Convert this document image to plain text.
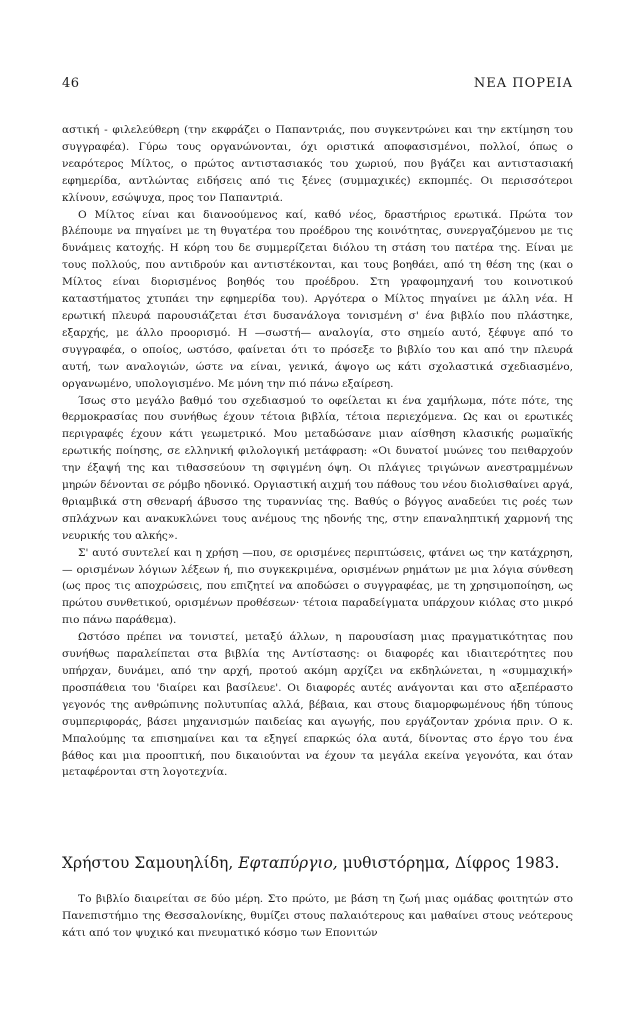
46	ΝΕΑ ΠΟΡΕΙΑ

αστική - φιλελεύθερη (την εκφράζει ο Παπαντριάς, που συγκεντρώνει και την εκτίμηση του συγγραφέα). Γύρω τους οργανώνονται, όχι οριστικά αποφασισμένοι, πολλοί, όπως ο νεαρότερος Μίλτος, ο πρώτος αντιστασιακός του χωριού, που βγάζει και αντιστασιακή εφημερίδα, αντλώντας ειδήσεις από τις ξένες (συμμαχικές) εκπομπές. Οι περισσότεροι κλίνουν, εσώψυχα, προς τον Παπαντριά.

Ο Μίλτος είναι και διανοούμενος καί, καθό νέος, δραστήριος ερωτικά. Πρώτα τον βλέπουμε να πηγαίνει με τη θυγατέρα του προέδρου της κοινότητας, συνεργαζόμενου με τις δυνάμεις κατοχής. Η κόρη του δε συμμερίζεται διόλου τη στάση του πατέρα της. Είναι με τους πολλούς, που αντιδρούν και αντιστέκονται, και τους βοηθάει, από τη θέση της (και ο Μίλτος είναι διορισμένος βοηθός του προέδρου. Στη γραφομηχανή του κοινοτικού καταστήματος χτυπάει την εφημερίδα του). Αργότερα ο Μίλτος πηγαίνει με άλλη νέα. Η ερωτική πλευρά παρουσιάζεται έτσι δυσανάλογα τονισμένη σ' ένα βιβλίο που πλάστηκε, εξαρχής, με άλλο προορισμό. Η —σωστή— αναλογία, στο σημείο αυτό, ξέφυγε από το συγγραφέα, ο οποίος, ωστόσο, φαίνεται ότι το πρόσεξε το βιβλίο του και από την πλευρά αυτή, των αναλογιών, ώστε να είναι, γενικά, άψογο ως κάτι σχολαστικά σχεδιασμένο, οργανωμένο, υπολογισμένο. Με μόνη την πιό πάνω εξαίρεση.

Ίσως στο μεγάλο βαθμό του σχεδιασμού το οφείλεται κι ένα χαμήλωμα, πότε πότε, της θερμοκρασίας που συνήθως έχουν τέτοια βιβλία, τέτοια περιεχόμενα. Ως και οι ερωτικές περιγραφές έχουν κάτι γεωμετρικό. Μου μεταδώσανε μιαν αίσθηση κλασικής ρωμαϊκής ερωτικής ποίησης, σε ελληνική φιλολογική μετάφραση: «Οι δυνατοί μυώνες του πειθαρχούν την έξαψή της και τιθασσεύουν τη σφιγμένη όψη. Οι πλάγιες τριγώνων ανεστραμμένων μηρών δένονται σε ρόμβο ηδονικό. Οργιαστική αιχμή του πάθους του νέου διολισθαίνει αργά, θριαμβικά στη σθεναρή άβυσσο της τυραννίας της. Βαθύς ο βόγγος αναδεύει τις ροές των σπλάχνων και ανακυκλώνει τους ανέμους της ηδονής της, στην επαναληπτική χαρμονή της νευρικής του αλκής».

Σ' αυτό συντελεί και η χρήση —που, σε ορισμένες περιπτώσεις, φτάνει ως την κατάχρηση,— ορισμένων λόγιων λέξεων ή, πιο συγκεκριμένα, ορισμένων ρημάτων με μια λόγια σύνθεση (ως προς τις αποχρώσεις, που επιζητεί να αποδώσει ο συγγραφέας, με τη χρησιμοποίηση, ως πρώτου συνθετικού, ορισμένων προθέσεων· τέτοια παραδείγματα υπάρχουν κιόλας στο μικρό πιο πάνω παράθεμα).

Ωστόσο πρέπει να τονιστεί, μεταξύ άλλων, η παρουσίαση μιας πραγματικότητας που συνήθως παραλείπεται στα βιβλία της Αντίστασης: οι διαφορές και ιδιαιτερότητες που υπήρχαν, δυνάμει, από την αρχή, προτού ακόμη αρχίζει να εκδηλώνεται, η «συμμαχική» προσπάθεια του 'διαίρει και βασίλευε'. Οι διαφορές αυτές ανάγονται και στο αξεπέραστο γεγονός της ανθρώπινης πολυτυπίας αλλά, βέβαια, και στους διαμορφωμένους ήδη τύπους συμπεριφοράς, βάσει μηχανισμών παιδείας και αγωγής, που εργάζονταν χρόνια πριν. Ο κ. Μπαλούμης τα επισημαίνει και τα εξηγεί επαρκώς όλα αυτά, δίνοντας στο έργο του ένα βάθος και μια προοπτική, που δικαιούνται να έχουν τα μεγάλα εκείνα γεγονότα, και όταν μεταφέρονται στη λογοτεχνία.

Χρήστου Σαμουηλίδη, Εφταπύργιο, μυθιστόρημα, Δίφρος 1983.

Το βιβλίο διαιρείται σε δύο μέρη. Στο πρώτο, με βάση τη ζωή μιας ομάδας φοιτητών στο Πανεπιστήμιο της Θεσσαλονίκης, θυμίζει στους παλαιότερους και μαθαίνει στους νεότερους κάτι από τον ψυχικό και πνευματικό κόσμο των Επονιτών
